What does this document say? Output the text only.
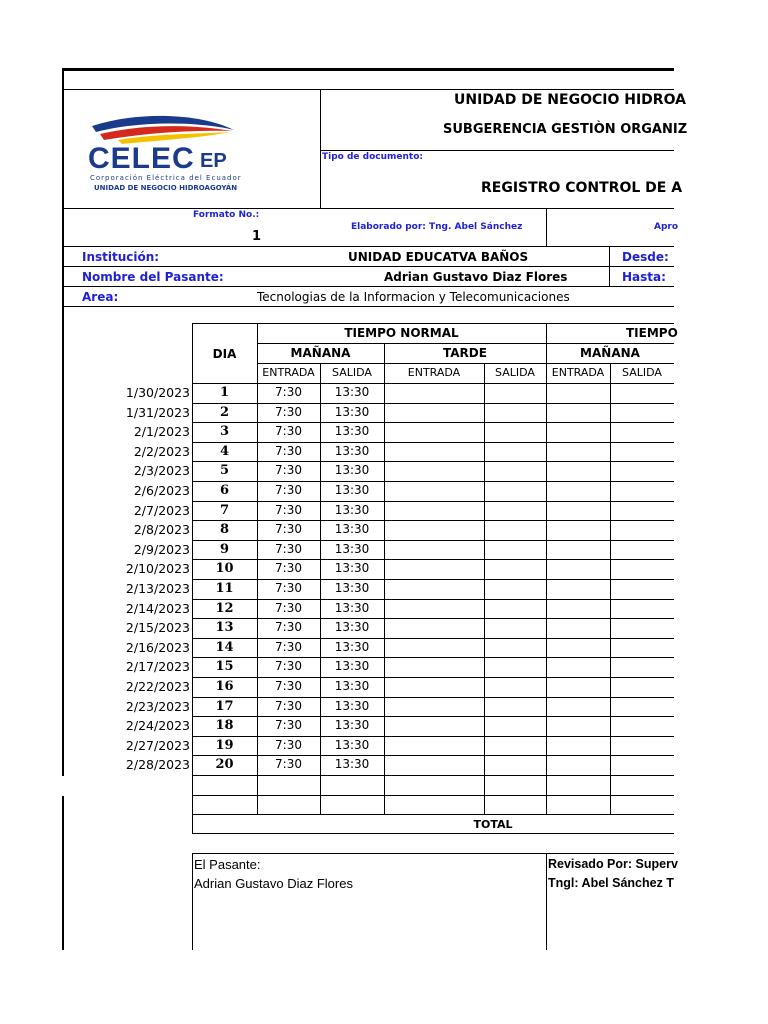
CELEC EP
Corporación Eléctrica del Ecuador
UNIDAD DE NEGOCIO HIDROAGOYÁN
UNIDAD DE NEGOCIO HIDROA
SUBGERENCIA GESTIÒN ORGANIZ
Tipo de documento:
REGISTRO CONTROL DE A
Formato No.:
1
Elaborado por: Tng. Abel Sánchez	Apro
Institución:	UNIDAD EDUCATVA BAÑOS	Desde:
Nombre del Pasante:	Adrian Gustavo Diaz Flores	Hasta:
Area:	Tecnologias de la Informacion y Telecomunicaciones
DIA
TIEMPO NORMAL	TIEMPO
MAÑANA	TARDE	MAÑANA
ENTRADA	SALIDA	ENTRADA	SALIDA	ENTRADA	SALIDA
1/30/2023	1	7:30	13:30
1/31/2023	2	7:30	13:30
2/1/2023	3	7:30	13:30
2/2/2023	4	7:30	13:30
2/3/2023	5	7:30	13:30
2/6/2023	6	7:30	13:30
2/7/2023	7	7:30	13:30
2/8/2023	8	7:30	13:30
2/9/2023	9	7:30	13:30
2/10/2023	10	7:30	13:30
2/13/2023	11	7:30	13:30
2/14/2023	12	7:30	13:30
2/15/2023	13	7:30	13:30
2/16/2023	14	7:30	13:30
2/17/2023	15	7:30	13:30
2/22/2023	16	7:30	13:30
2/23/2023	17	7:30	13:30
2/24/2023	18	7:30	13:30
2/27/2023	19	7:30	13:30
2/28/2023	20	7:30	13:30
TOTAL
El Pasante:
Adrian Gustavo Diaz Flores
Revisado Por: Superv
Tngl: Abel Sánchez T
